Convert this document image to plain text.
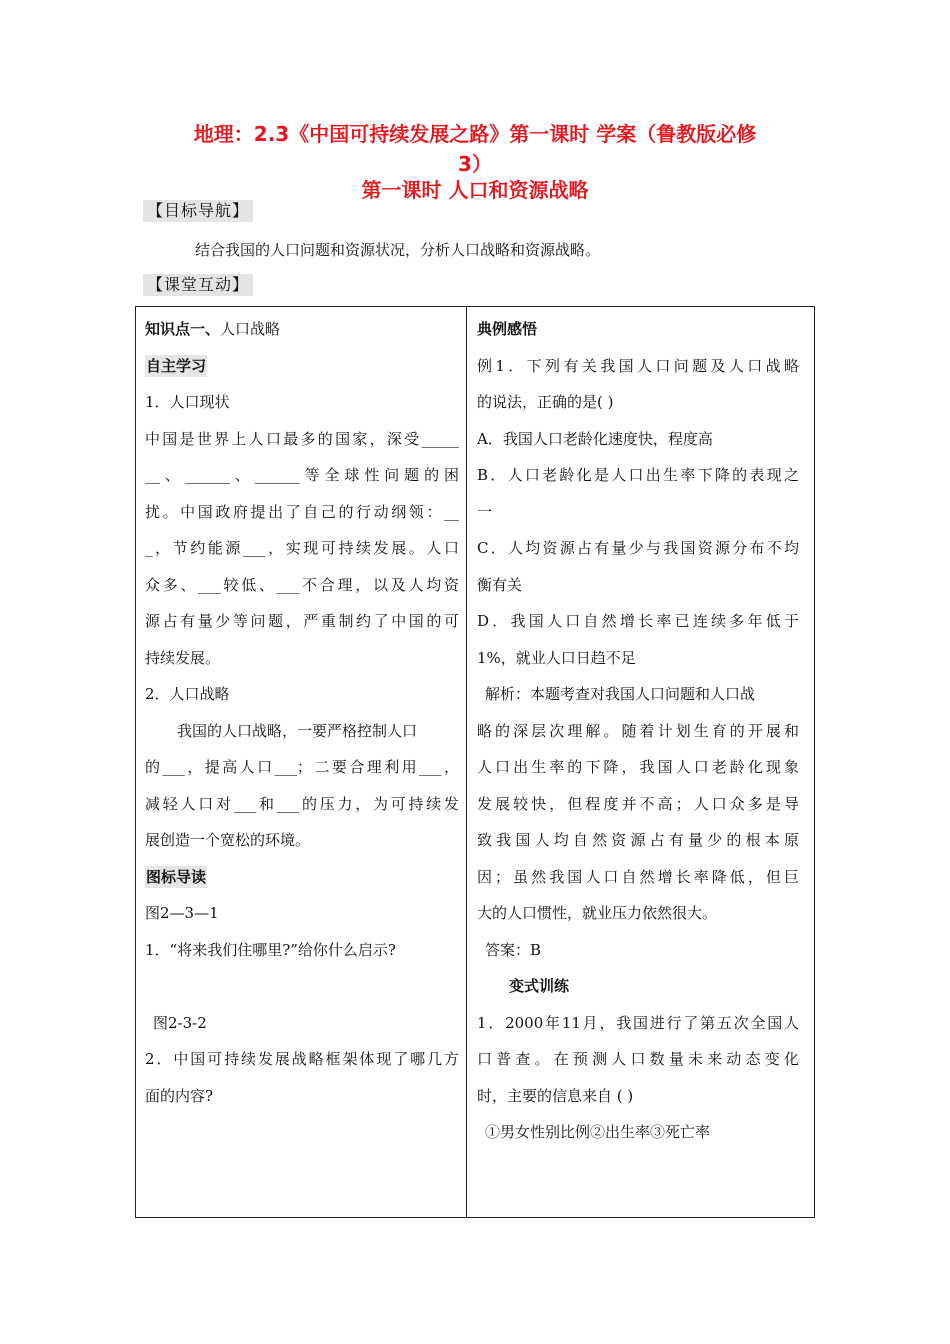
地理：2.3《中国可持续发展之路》第一课时 学案（鲁教版必修
3）
第一课时 人口和资源战略
【目标导航】
结合我国的人口问题和资源状况，分析人口战略和资源战略。
【课堂互动】
知识点一、人口战略
自主学习
1．人口现状
中国是世界上人口最多的国家，深受_____
__、______、______等全球性问题的困
扰。中国政府提出了自己的行动纲领：__
_，节约能源___，实现可持续发展。人口
众多、___较低、___不合理，以及人均资
源占有量少等问题，严重制约了中国的可
持续发展。
2．人口战略
我国的人口战略，一要严格控制人口
的___，提高人口___；二要合理利用___，
减轻人口对___和___的压力，为可持续发
展创造一个宽松的环境。
图标导读
图2—3—1
1．“将来我们住哪里?”给你什么启示?
图2-3-2
2．中国可持续发展战略框架体现了哪几方
面的内容?
典例感悟
例1．下列有关我国人口问题及人口战略
的说法，正确的是( )
A．我国人口老龄化速度快，程度高
B．人口老龄化是人口出生率下降的表现之
一
C．人均资源占有量少与我国资源分布不均
衡有关
D．我国人口自然增长率已连续多年低于
1%，就业人口日趋不足
解析：本题考查对我国人口问题和人口战
略的深层次理解。随着计划生育的开展和
人口出生率的下降，我国人口老龄化现象
发展较快，但程度并不高；人口众多是导
致我国人均自然资源占有量少的根本原
因；虽然我国人口自然增长率降低，但巨
大的人口惯性，就业压力依然很大。
答案：B
变式训练
1．2000年11月，我国进行了第五次全国人
口普查。在预测人口数量未来动态变化
时，主要的信息来自 ( )
①男女性别比例②出生率③死亡率
